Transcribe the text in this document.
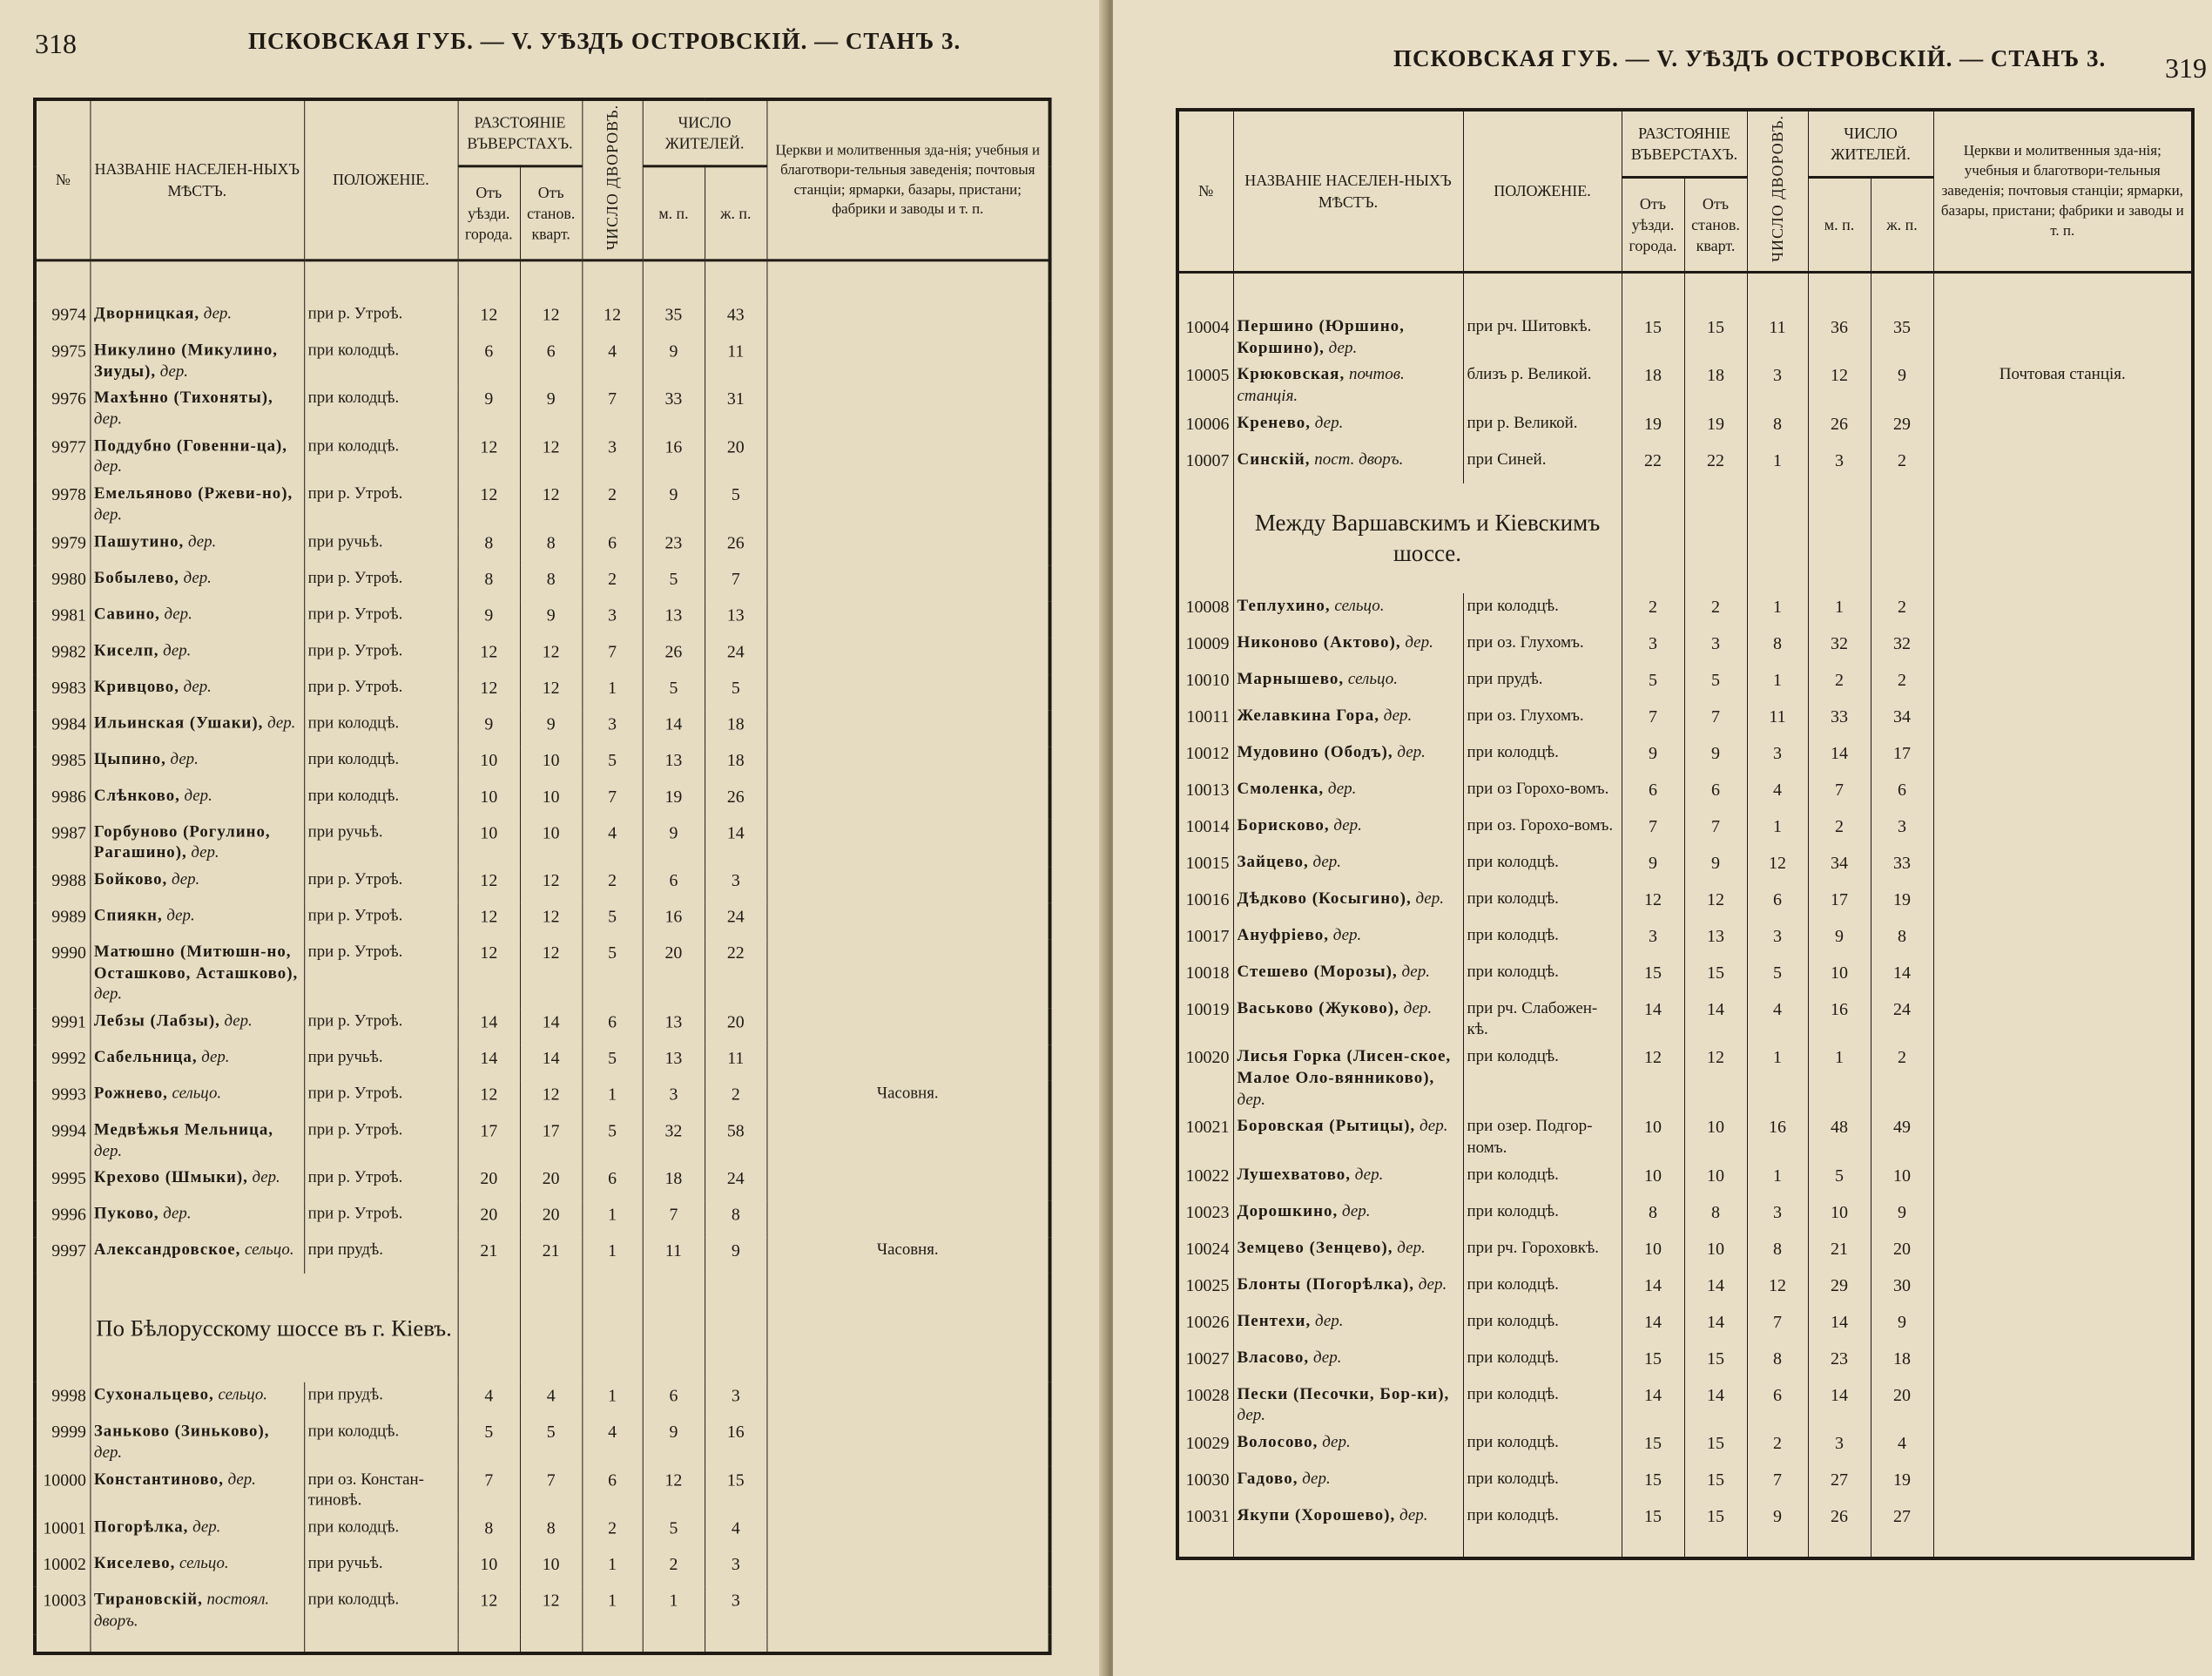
318	ПСКОВСКАЯ ГУБ. — V. УѢЗДЪ ОСТРОВСКІЙ. — СТАНЪ 3.
№	НАЗВАНІЕ НАСЕЛЕН-НЫХЪ МѢСТЪ.	ПОЛОЖЕНІЕ.	РАЗСТОЯНІЕ ВЪВЕРСТАХЪ.		ЧИСЛО ДВОРОВЪ.	ЧИСЛО ЖИТЕЛЕЙ.		Церкви и молитвенныя зда-нія; учебныя и благотвори-тельныя заведенія; почтовыя станціи; ярмарки, базары, пристани; фабрики и заводы и т. п.
			Отъ уѣзди. города.	Отъ станов. кварт.		м. п.	ж. п.	

9974	Дворницкая, дер.	при р. Утроѣ.	12	12	12	35	43	
9975	Никулино (Микулино, Зиуды), дер.	при колодцѣ.	6	6	4	9	11	
9976	Махѣнно (Тихоняты), дер.	при колодцѣ.	9	9	7	33	31	
9977	Поддубно (Говенни-ца), дер.	при колодцѣ.	12	12	3	16	20	
9978	Емельяново (Ржеви-но), дер.	при р. Утроѣ.	12	12	2	9	5	
9979	Пашутино, дер.	при ручьѣ.	8	8	6	23	26	
9980	Бобылево, дер.	при р. Утроѣ.	8	8	2	5	7	
9981	Савино, дер.	при р. Утроѣ.	9	9	3	13	13	
9982	Киселп, дер.	при р. Утроѣ.	12	12	7	26	24	
9983	Кривцово, дер.	при р. Утроѣ.	12	12	1	5	5	
9984	Ильинская (Ушаки), дер.	при колодцѣ.	9	9	3	14	18	
9985	Цыпино, дер.	при колодцѣ.	10	10	5	13	18	
9986	Слѣнково, дер.	при колодцѣ.	10	10	7	19	26	
9987	Горбуново (Рогулино, Рагашино), дер.	при ручьѣ.	10	10	4	9	14	
9988	Бойково, дер.	при р. Утроѣ.	12	12	2	6	3	
9989	Спиякн, дер.	при р. Утроѣ.	12	12	5	16	24	
9990	Матюшно (Митюшн-но, Осташково, Асташково), дер.	при р. Утроѣ.	12	12	5	20	22	
9991	Лебзы (Лабзы), дер.	при р. Утроѣ.	14	14	6	13	20	
9992	Сабельница, дер.	при ручьѣ.	14	14	5	13	11	
9993	Рожнево, сельцо.	при р. Утроѣ.	12	12	1	3	2	Часовня.
9994	Медвѣжья Мельница, дер.	при р. Утроѣ.	17	17	5	32	58	
9995	Крехово (Шмыки), дер.	при р. Утроѣ.	20	20	6	18	24	
9996	Пуково, дер.	при р. Утроѣ.	20	20	1	7	8	
9997	Александровское, сельцо.	при прудѣ.	21	21	1	11	9	Часовня.
	По Бѣлорусскому шоссе въ г. Кіевъ.							
9998	Сухональцево, сельцо.	при прудѣ.	4	4	1	6	3	
9999	Заньково (Зиньково), дер.	при колодцѣ.	5	5	4	9	16	
10000	Константиново, дер.	при оз. Констан-тиновѣ.	7	7	6	12	15	
10001	Погорѣлка, дер.	при колодцѣ.	8	8	2	5	4	
10002	Киселево, сельцо.	при ручьѣ.	10	10	1	2	3	
10003	Тирановскій, постоял. дворъ.	при колодцѣ.	12	12	1	1	3	

ПСКОВСКАЯ ГУБ. — V. УѢЗДЪ ОСТРОВСКІЙ. — СТАНЪ 3. 319
№	НАЗВАНІЕ НАСЕЛЕН-НЫХЪ МѢСТЪ.	ПОЛОЖЕНІЕ.	РАЗСТОЯНІЕ ВЪВЕРСТАХЪ.		ЧИСЛО ДВОРОВЪ.	ЧИСЛО ЖИТЕЛЕЙ.		Церкви и молитвенныя зда-нія; учебныя и благотвори-тельныя заведенія; почтовыя станціи; ярмарки, базары, пристани; фабрики и заводы и т. п.
			Отъ уѣзди. города.	Отъ станов. кварт.		м. п.	ж. п.	

10004	Першино (Юршино, Коршино), дер.	при рч. Шитовкѣ.	15	15	11	36	35	
10005	Крюковская, почтов. станція.	близъ р. Великой.	18	18	3	12	9	Почтовая станція.
10006	Кренево, дер.	при р. Великой.	19	19	8	26	29	
10007	Синскій, пост. дворъ.	при Синей.	22	22	1	3	2	
	Между Варшавскимъ и Кіевскимъ шоссе.							
10008	Теплухино, сельцо.	при колодцѣ.	2	2	1	1	2	
10009	Никоново (Актово), дер.	при оз. Глухомъ.	3	3	8	32	32	
10010	Марнышево, сельцо.	при прудѣ.	5	5	1	2	2	
10011	Желавкина Гора, дер.	при оз. Глухомъ.	7	7	11	33	34	
10012	Мудовино (Ободъ), дер.	при колодцѣ.	9	9	3	14	17	
10013	Смоленка, дер.	при оз Горохо-вомъ.	6	6	4	7	6	
10014	Борисково, дер.	при оз. Горохо-вомъ.	7	7	1	2	3	
10015	Зайцево, дер.	при колодцѣ.	9	9	12	34	33	
10016	Дѣдково (Косыгино), дер.	при колодцѣ.	12	12	6	17	19	
10017	Ануфріево, дер.	при колодцѣ.	3	13	3	9	8	
10018	Стешево (Морозы), дер.	при колодцѣ.	15	15	5	10	14	
10019	Васьково (Жуково), дер.	при рч. Слабожен-кѣ.	14	14	4	16	24	
10020	Лисья Горка (Лисен-ское, Малое Оло-вянниково), дер.	при колодцѣ.	12	12	1	1	2	
10021	Боровская (Рытицы), дер.	при озер. Подгор-номъ.	10	10	16	48	49	
10022	Лушехватово, дер.	при колодцѣ.	10	10	1	5	10	
10023	Дорошкино, дер.	при колодцѣ.	8	8	3	10	9	
10024	Земцево (Зенцево), дер.	при рч. Гороховкѣ.	10	10	8	21	20	
10025	Блонты (Погорѣлка), дер.	при колодцѣ.	14	14	12	29	30	
10026	Пентехи, дер.	при колодцѣ.	14	14	7	14	9	
10027	Власово, дер.	при колодцѣ.	15	15	8	23	18	
10028	Пески (Песочки, Бор-ки), дер.	при колодцѣ.	14	14	6	14	20	
10029	Волосово, дер.	при колодцѣ.	15	15	2	3	4	
10030	Гадово, дер.	при колодцѣ.	15	15	7	27	19	
10031	Якупи (Хорошево), дер.	при колодцѣ.	15	15	9	26	27	
